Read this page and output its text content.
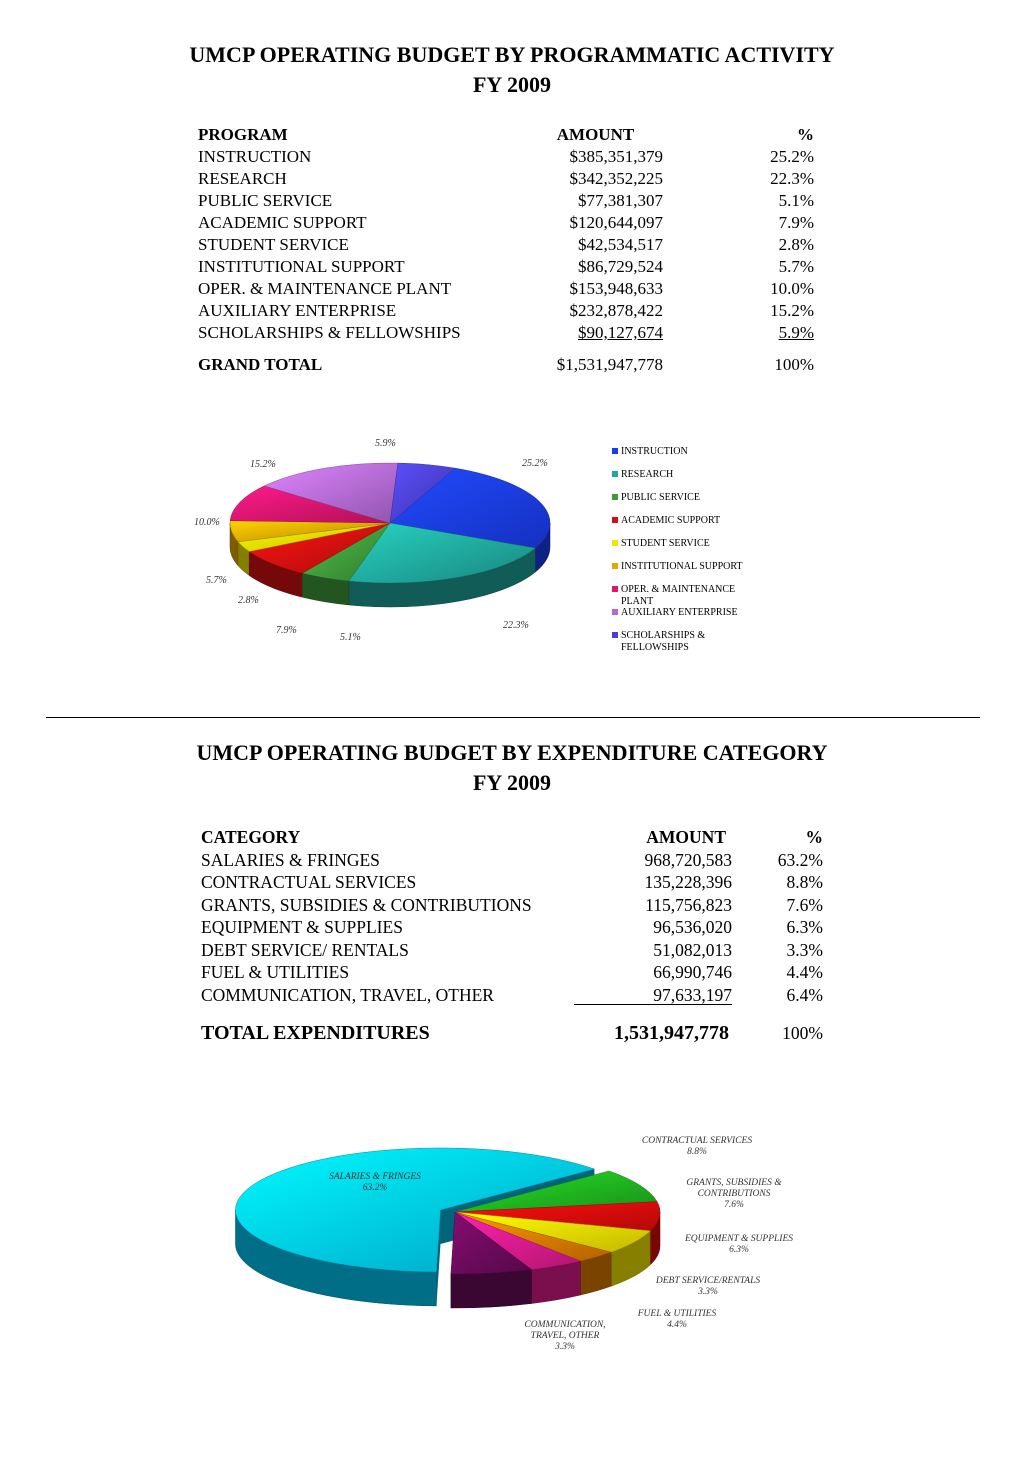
UMCP OPERATING BUDGET BY PROGRAMMATIC ACTIVITY
FY 2009
PROGRAM	AMOUNT	%
INSTRUCTION	$385,351,379	25.2%
RESEARCH	$342,352,225	22.3%
PUBLIC SERVICE	$77,381,307	5.1%
ACADEMIC SUPPORT	$120,644,097	7.9%
STUDENT SERVICE	$42,534,517	2.8%
INSTITUTIONAL SUPPORT	$86,729,524	5.7%
OPER. & MAINTENANCE PLANT	$153,948,633	10.0%
AUXILIARY ENTERPRISE	$232,878,422	15.2%
SCHOLARSHIPS & FELLOWSHIPS	$90,127,674	5.9%
GRAND TOTAL	$1,531,947,778	100%
INSTRUCTION
RESEARCH
PUBLIC SERVICE
ACADEMIC SUPPORT
STUDENT SERVICE
INSTITUTIONAL SUPPORT
OPER. & MAINTENANCE PLANT
AUXILIARY ENTERPRISE
SCHOLARSHIPS & FELLOWSHIPS
UMCP OPERATING BUDGET BY EXPENDITURE CATEGORY
FY 2009
CATEGORY	AMOUNT	%
SALARIES & FRINGES	968,720,583	63.2%
CONTRACTUAL SERVICES	135,228,396	8.8%
GRANTS, SUBSIDIES & CONTRIBUTIONS	115,756,823	7.6%
EQUIPMENT & SUPPLIES	96,536,020	6.3%
DEBT SERVICE/ RENTALS	51,082,013	3.3%
FUEL & UTILITIES	66,990,746	4.4%
COMMUNICATION, TRAVEL, OTHER	97,633,197	6.4%
TOTAL EXPENDITURES	1,531,947,778	100%
25.2%
22.3%
5.1%
7.9%
2.8%
5.7%
10.0%
15.2%
5.9%
SALARIES & FRINGES
63.2%
CONTRACTUAL SERVICES
8.8%
GRANTS, SUBSIDIES & CONTRIBUTIONS
7.6%
EQUIPMENT & SUPPLIES
6.3%
DEBT SERVICE/RENTALS
3.3%
FUEL & UTILITIES
4.4%
COMMUNICATION, TRAVEL, OTHER
3.3%
